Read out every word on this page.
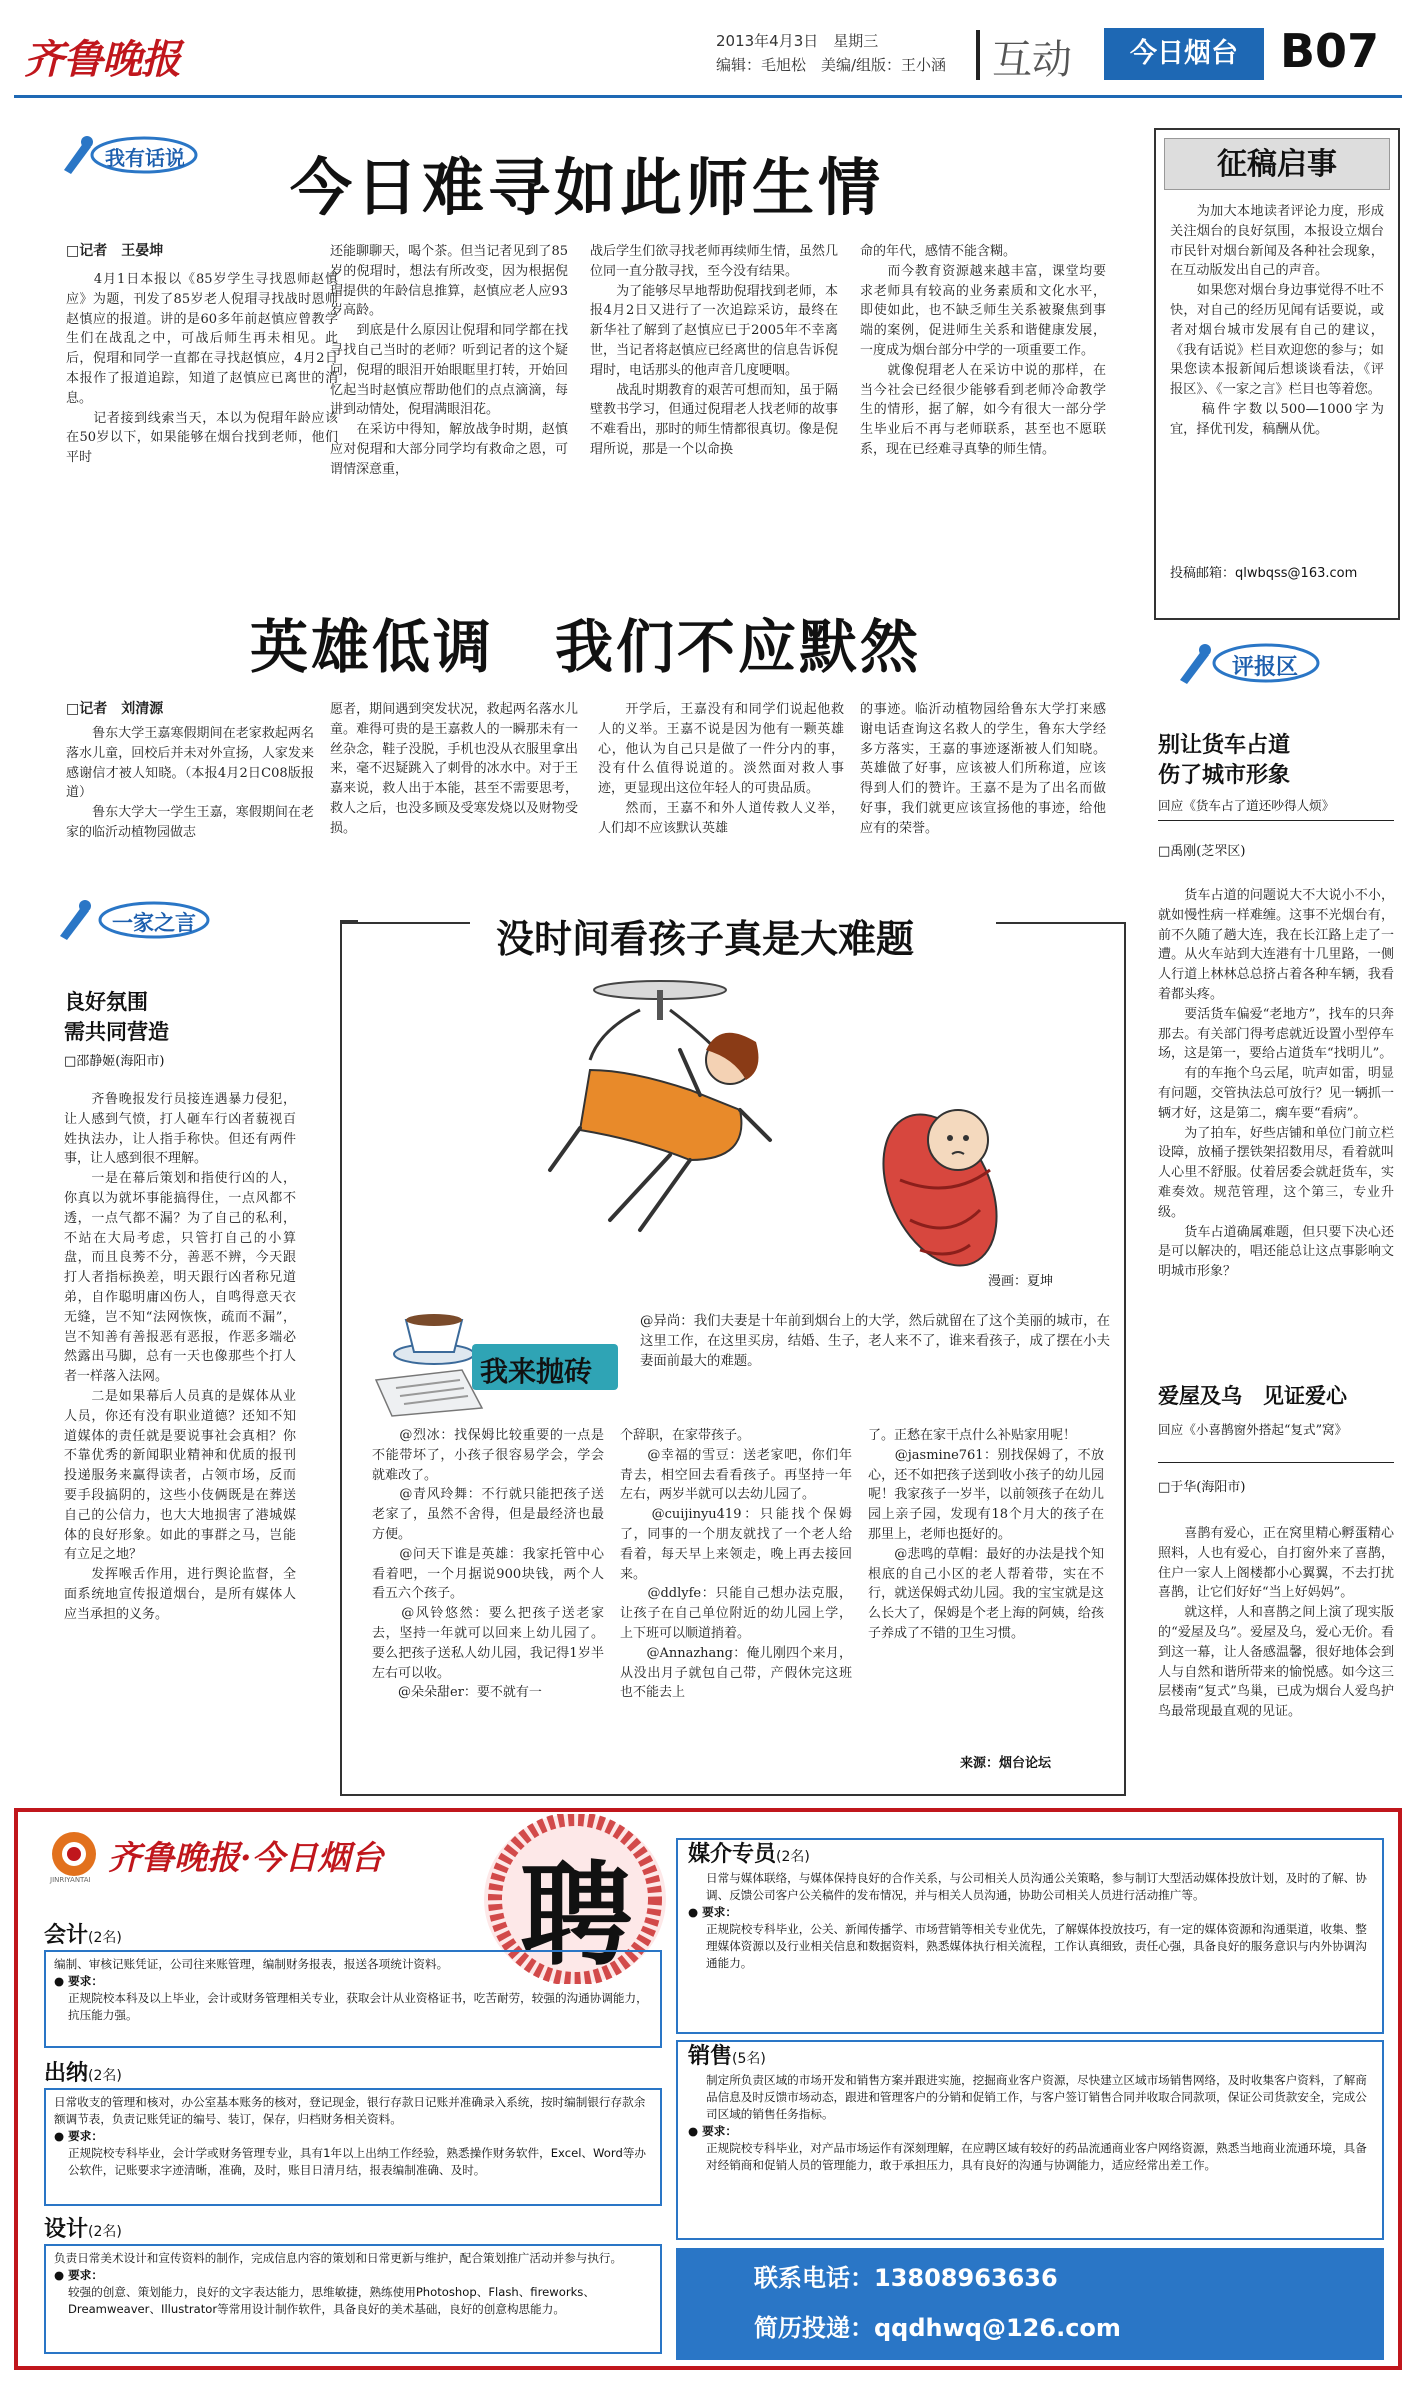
齐鲁晚报	2013年4月3日　星期三
编辑：毛旭松　美编/组版：王小涵 互动	今日烟台 B07
我有话说 今日难寻如此师生情
□记者　王晏坤
　　4月1日本报以《85岁学生寻找恩师赵慎应》为题，刊发了85岁老人倪瑁寻找战时恩师赵慎应的报道。讲的是60多年前赵慎应曾教学生们在战乱之中，可战后师生再未相见。此后，倪瑁和同学一直都在寻找赵慎应，4月2日本报作了报道追踪，知道了赵慎应已离世的消息。
　　记者接到线索当天，本以为倪瑁年龄应该在50岁以下，如果能够在烟台找到老师，他们平时
还能聊聊天，喝个茶。但当记者见到了85岁的倪瑁时，想法有所改变，因为根据倪瑁提供的年龄信息推算，赵慎应老人应93岁高龄。
　　到底是什么原因让倪瑁和同学都在找寻找自己当时的老师？听到记者的这个疑问，倪瑁的眼泪开始眼眶里打转，开始回忆起当时赵慎应帮助他们的点点滴滴，每讲到动情处，倪瑁满眼泪花。
　　在采访中得知，解放战争时期，赵慎应对倪瑁和大部分同学均有救命之恩，可谓情深意重，
战后学生们欲寻找老师再续师生情，虽然几位同一直分散寻找，至今没有结果。
　　为了能够尽早地帮助倪瑁找到老师，本报4月2日又进行了一次追踪采访，最终在新华社了解到了赵慎应已于2005年不幸离世，当记者将赵慎应已经离世的信息告诉倪瑁时，电话那头的他声音几度哽咽。
　　战乱时期教育的艰苦可想而知，虽于隔壁教书学习，但通过倪瑁老人找老师的故事不难看出，那时的师生情都很真切。像是倪瑁所说，那是一个以命换
命的年代，感情不能含糊。
　　而今教育资源越来越丰富，课堂均要求老师具有较高的业务素质和文化水平，即使如此，也不缺乏师生关系被聚焦到事端的案例，促进师生关系和谐健康发展，一度成为烟台部分中学的一项重要工作。
　　就像倪瑁老人在采访中说的那样，在当今社会已经很少能够看到老师冷命教学生的情形，据了解，如今有很大一部分学生毕业后不再与老师联系，甚至也不愿联系，现在已经难寻真挚的师生情。
英雄低调　我们不应默然
□记者　刘清源
　　鲁东大学王嘉寒假期间在老家救起两名落水儿童，回校后并未对外宣扬，人家发来感谢信才被人知晓。（本报4月2日C08版报道）
　　鲁东大学大一学生王嘉，寒假期间在老家的临沂动植物园做志
愿者，期间遇到突发状况，救起两名落水儿童。难得可贵的是王嘉救人的一瞬那未有一丝杂念，鞋子没脱，手机也没从衣服里拿出来，毫不迟疑跳入了刺骨的冰水中。对于王嘉来说，救人出于本能，甚至不需要思考，救人之后，也没多顾及受寒发烧以及财物受损。
　　开学后，王嘉没有和同学们说起他救人的义举。王嘉不说是因为他有一颗英雄心，他认为自己只是做了一件分内的事，没有什么值得说道的。淡然面对救人事迹，更显现出这位年轻人的可贵品质。
　　然而，王嘉不和外人道传救人义举，人们却不应该默认英雄
的事迹。临沂动植物园给鲁东大学打来感谢电话查询这名救人的学生，鲁东大学经多方落实，王嘉的事迹逐渐被人们知晓。英雄做了好事，应该被人们所称道，应该得到人们的赞许。王嘉不是为了出名而做好事，我们就更应该宣扬他的事迹，给他应有的荣誉。
征稿启事
　　为加大本地读者评论力度，形成关注烟台的良好氛围，本报设立烟台市民针对烟台新闻及各种社会现象，在互动版发出自己的声音。
　　如果您对烟台身边事觉得不吐不快，对自己的经历见闻有话要说，或者对烟台城市发展有自己的建议，《我有话说》栏目欢迎您的参与；如果您读本报新闻后想谈谈看法，《评报区》、《一家之言》栏目也等着您。
　　稿件字数以500—1000字为宜，择优刊发，稿酬从优。
投稿邮箱：qlwbqss@163.com
评报区
别让货车占道
伤了城市形象
回应《货车占了道还吵得人烦》
□禹刚(芝罘区)
　　货车占道的问题说大不大说小不小，就如慢性病一样难缠。这事不光烟台有，前不久随了趟大连，我在长江路上走了一遭。从火车站到大连港有十几里路，一侧人行道上林林总总挤占着各种车辆，我看着都头疼。
　　要活货车偏爱“老地方”，找车的只奔那去。有关部门得考虑就近设置小型停车场，这是第一，要给占道货车“找明儿”。
　　有的车拖个乌云尾，吭声如雷，明显有问题，交管执法总可放行？见一辆抓一辆才好，这是第二，瘸车要“看病”。
　　为了拍车，好些店铺和单位门前立栏设障，放桶子摆铁架招数用尽，看着就叫人心里不舒服。仗着居委会就赶货车，实难奏效。规范管理，这个第三，专业升级。
　　货车占道确属难题，但只要下决心还是可以解决的，唱还能总让这点事影响文明城市形象？
爱屋及乌　见证爱心
回应《小喜鹊窗外搭起“复式”窝》
□于华(海阳市)
　　喜鹊有爱心，正在窝里精心孵蛋精心照料，人也有爱心，自打窗外来了喜鹊，住户一家人上阁楼都小心翼翼，不去打扰喜鹊，让它们好好“当上好妈妈”。
　　就这样，人和喜鹊之间上演了现实版的“爱屋及乌”。爱屋及乌，爱心无价。看到这一幕，让人备感温馨，很好地体会到人与自然和谐所带来的愉悦感。如今这三层楼南“复式”鸟巢，已成为烟台人爱鸟护鸟最常现最直观的见证。
一家之言
良好氛围
需共同营造
□邵静姬(海阳市)
　　齐鲁晚报发行员接连遇暴力侵犯，让人感到气愤，打人砸车行凶者藐视百姓执法办，让人指手称快。但还有两件事，让人感到很不理解。
　　一是在幕后策划和指使行凶的人，你真以为就坏事能搞得住，一点风都不透，一点气都不漏？为了自己的私利，不站在大局考虑，只管打自己的小算盘，而且良莠不分，善恶不辨，今天跟打人者指标换差，明天跟行凶者称兄道弟，自作聪明庸凶伤人，自鸣得意天衣无缝，岂不知“法网恢恢，疏而不漏”，岂不知善有善报恶有恶报，作恶多端必然露出马脚，总有一天也像那些个打人者一样落入法网。
　　二是如果幕后人员真的是媒体从业人员，你还有没有职业道德？还知不知道媒体的责任就是要说事社会真相？你不靠优秀的新闻职业精神和优质的报刊投递服务来赢得读者，占领市场，反而要手段搞阴的，这些小伎俩既是在葬送自己的公信力，也大大地损害了港城媒体的良好形象。如此的事群之马，岂能有立足之地？
　　发挥喉舌作用，进行舆论监督，全面系统地宣传报道烟台，是所有媒体人应当承担的义务。
没时间看孩子真是大难题
漫画：夏坤
我来抛砖
@异尚：我们夫妻是十年前到烟台上的大学，然后就留在了这个美丽的城市，在这里工作，在这里买房，结婚、生子，老人来不了，谁来看孩子，成了摆在小夫妻面前最大的难题。
　　@烈冰：找保姆比较重要的一点是不能带坏了，小孩子很容易学会，学会就难改了。
　　@青风玲舞：不行就只能把孩子送老家了，虽然不舍得，但是最经济也最方便。
　　@问天下谁是英雄：我家托管中心看着吧，一个月据说900块钱，两个人看五六个孩子。
　　@风铃悠然：要么把孩子送老家去，坚持一年就可以回来上幼儿园了。要么把孩子送私人幼儿园，我记得1岁半左右可以收。
　　@朵朵甜er：要不就有一
个辞职，在家带孩子。
　　@幸福的雪豆：送老家吧，你们年青去，相空回去看看孩子。再坚持一年左右，两岁半就可以去幼儿园了。
　　@cuijinyu419：只能找个保姆了，同事的一个朋友就找了一个老人给看着，每天早上来领走，晚上再去接回来。
　　@ddlyfe：只能自己想办法克服，让孩子在自己单位附近的幼儿园上学，上下班可以顺道捎着。
　　@Annazhang：俺儿刚四个来月，从没出月子就包自己带，产假休完这班也不能去上
了。正愁在家干点什么补贴家用呢！
　　@jasmine761：别找保姆了，不放心，还不如把孩子送到收小孩子的幼儿园呢！我家孩子一岁半，以前领孩子在幼儿园上亲子园，发现有18个月大的孩子在那里上，老师也挺好的。
　　@悲鸣的草帽：最好的办法是找个知根底的自己小区的老人帮着带，实在不行，就送保姆式幼儿园。我的宝宝就是这么长大了，保姆是个老上海的阿姨，给孩子养成了不错的卫生习惯。
来源：烟台论坛
齐鲁晚报·今日烟台
JINRIYANTAI	聘
会计(2名)
编制、审核记账凭证，公司往来账管理，编制财务报表，报送各项统计资料。
● 要求：
正规院校本科及以上毕业，会计或财务管理相关专业，获取会计从业资格证书，吃苦耐劳，较强的沟通协调能力，抗压能力强。
出纳(2名)
日常收支的管理和核对，办公室基本账务的核对，登记现金，银行存款日记账并准确录入系统，按时编制银行存款余额调节表，负责记账凭证的编号、装订，保存，归档财务相关资料。
● 要求：
正规院校专科毕业，会计学或财务管理专业，具有1年以上出纳工作经验，熟悉操作财务软件，Excel、Word等办公软件，记账要求字迹清晰，准确，及时，账目日清月结，报表编制准确、及时。
设计(2名)
负责日常美术设计和宣传资料的制作，完成信息内容的策划和日常更新与维护，配合策划推广活动并参与执行。
● 要求：
较强的创意、策划能力，良好的文字表达能力，思维敏捷，熟练使用Photoshop、Flash、fireworks、Dreamweaver、Illustrator等常用设计制作软件，具备良好的美术基础，良好的创意构思能力。
媒介专员(2名)
日常与媒体联络，与媒体保持良好的合作关系，与公司相关人员沟通公关策略，参与制订大型活动媒体投放计划，及时的了解、协调、反馈公司客户公关稿件的发布情况，并与相关人员沟通，协助公司相关人员进行活动推广等。
● 要求：
正规院校专科毕业，公关、新闻传播学、市场营销等相关专业优先，了解媒体投放技巧，有一定的媒体资源和沟通渠道，收集、整理媒体资源以及行业相关信息和数据资料，熟悉媒体执行相关流程，工作认真细致，责任心强，具备良好的服务意识与内外协调沟通能力。
销售(5名)
制定所负责区域的市场开发和销售方案并跟进实施，挖掘商业客户资源，尽快建立区域市场销售网络，及时收集客户资料，了解商品信息及时反馈市场动态，跟进和管理客户的分销和促销工作，与客户签订销售合同并收取合同款项，保证公司货款安全，完成公司区域的销售任务指标。
● 要求：
正规院校专科毕业，对产品市场运作有深刻理解，在应聘区域有较好的药品流通商业客户网络资源，熟悉当地商业流通环境，具备对经销商和促销人员的管理能力，敢于承担压力，具有良好的沟通与协调能力，适应经常出差工作。
联系电话：13808963636
简历投递：qqdhwq@126.com
